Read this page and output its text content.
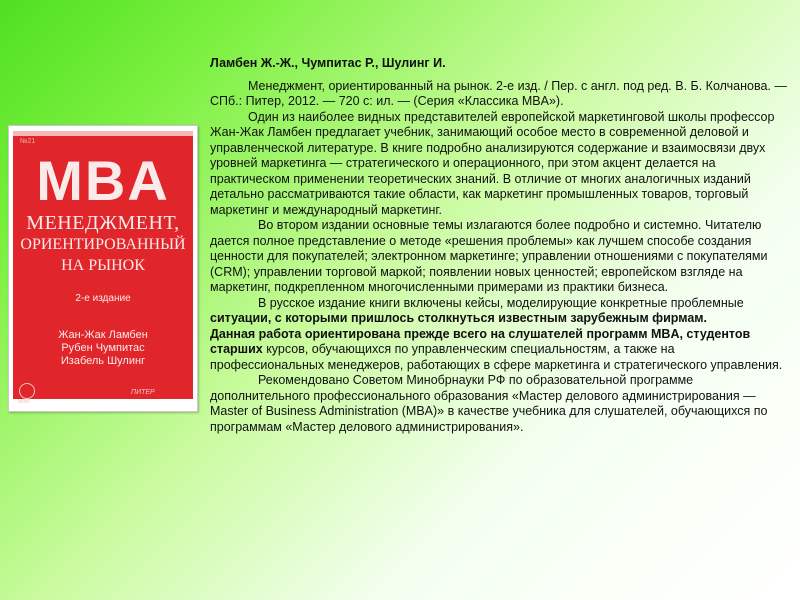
№21
MBA
МЕНЕДЖМЕНТ,
ОРИЕНТИРОВАННЫЙ
НА РЫНОК
2-е издание
Жан-Жак Ламбен
Рубен Чумпитас
Изабель Шулинг
MIBP
ПИТЕР

Ламбен Ж.-Ж., Чумпитас Р., Шулинг И.

Менеджмент, ориентированный на рынок. 2-е изд. / Пер. с англ. под ред. В. Б. Колчанова. — СПб.: Питер, 2012. — 720 с: ил. — (Серия «Классика MBA»).

Один из наиболее видных представителей европейской маркетинговой школы профессор Жан-Жак Ламбен предлагает учебник, занимающий особое место в современной деловой и управленческой литературе. В книге подробно анализируются содержание и взаимосвязи двух уровней маркетинга — стратегического и операционного, при этом акцент делается на практическом применении теоретических знаний. В отличие от многих аналогичных изданий детально рассматриваются такие области, как маркетинг промышленных товаров, торговый маркетинг и международный маркетинг.

Во втором издании основные темы излагаются более подробно и системно. Читателю дается полное представление о методе «решения проблемы» как лучшем способе создания ценности для покупателей; электронном маркетинге; управлении отношениями с покупателями (CRM); управлении торговой маркой; появлении новых ценностей; европейском взгляде на маркетинг, подкрепленном многочисленными примерами из практики бизнеса.

В русское издание книги включены кейсы, моделирующие конкретные проблемные ситуации, с которыми пришлось столкнуться известным зарубежным фирмам.

Данная работа ориентирована прежде всего на слушателей программ MBA, студентов старших курсов, обучающихся по управленческим специальностям, а также на профессиональных менеджеров, работающих в сфере маркетинга и стратегического управления.

Рекомендовано Советом Минобрнауки РФ по образовательной программе дополнительного профессионального образования «Мастер делового администрирования — Master of Business Administration (MBA)» в качестве учебника для слушателей, обучающихся по программам «Мастер делового администрирования».
